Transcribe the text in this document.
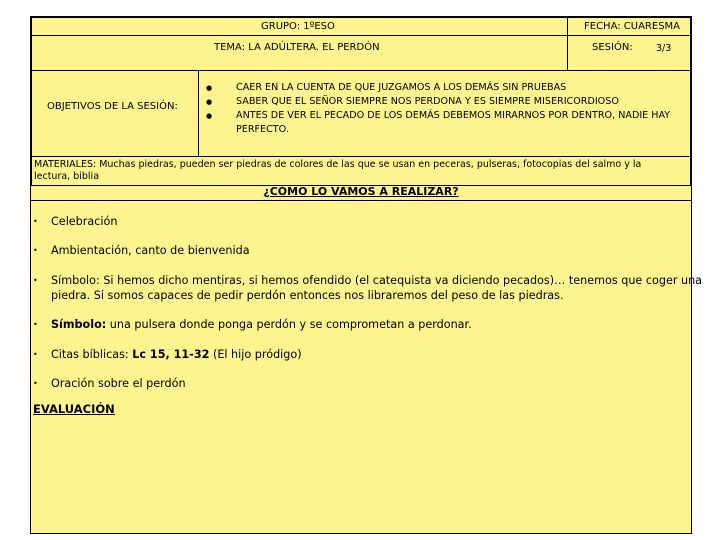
GRUPO: 1ºESO	FECHA: CUARESMA
TEMA: LA ADÚLTERA. EL PERDÓN	SESIÓN: 3/3
OBJETIVOS DE LA SESIÓN:
● CAER EN LA CUENTA DE QUE JUZGAMOS A LOS DEMÁS SIN PRUEBAS
● SABER QUE EL SEÑOR SIEMPRE NOS PERDONA Y ES SIEMPRE MISERICORDIOSO
● ANTES DE VER EL PECADO DE LOS DEMÁS DEBEMOS MIRARNOS POR DENTRO, NADIE HAY
PERFECTO.
MATERIALES: Muchas piedras, pueden ser piedras de colores de las que se usan en peceras, pulseras, fotocopias del salmo y la
lectura, biblia
¿CÓMO LO VAMOS A REALIZAR?
• Celebración
• Ambientación, canto de bienvenida
• Símbolo: Si hemos dicho mentiras, si hemos ofendido (el catequista va diciendo pecados)… tenemos que coger una
piedra. Si somos capaces de pedir perdón entonces nos libraremos del peso de las piedras.
• Símbolo: una pulsera donde ponga perdón y se comprometan a perdonar.
• Citas bíblicas: Lc 15, 11-32 (El hijo pródigo)
• Oración sobre el perdón
EVALUACIÓN
